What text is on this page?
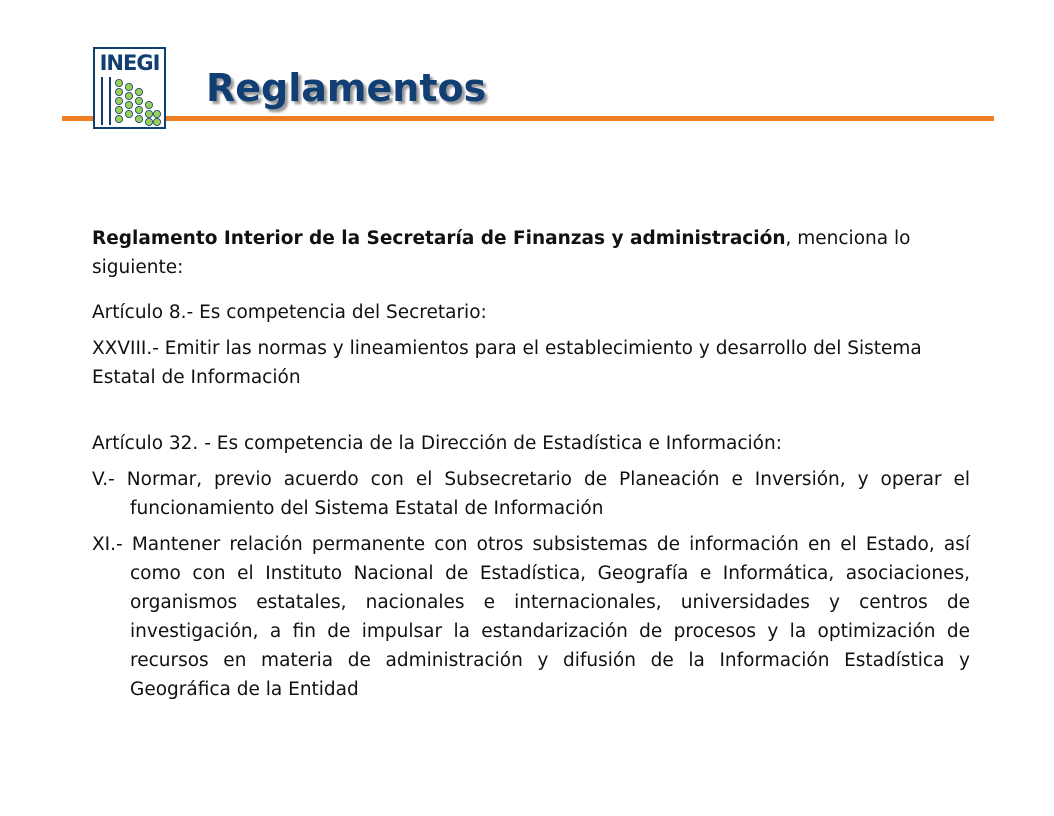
INEGI
Reglamentos

Reglamento Interior de la Secretaría de Finanzas y administración, menciona lo siguiente:

Artículo 8.- Es competencia del Secretario:

XXVIII.- Emitir las normas y lineamientos para el establecimiento y desarrollo del Sistema Estatal de Información

Artículo 32. - Es competencia de la Dirección de Estadística e Información:

V.- Normar, previo acuerdo con el Subsecretario de Planeación e Inversión, y operar el funcionamiento del Sistema Estatal de Información

XI.- Mantener relación permanente con otros subsistemas de información en el Estado, así como con el Instituto Nacional de Estadística, Geografía e Informática, asociaciones, organismos estatales, nacionales e internacionales, universidades y centros de investigación, a fin de impulsar la estandarización de procesos y la optimización de recursos en materia de administración y difusión de la Información Estadística y Geográfica de la Entidad
